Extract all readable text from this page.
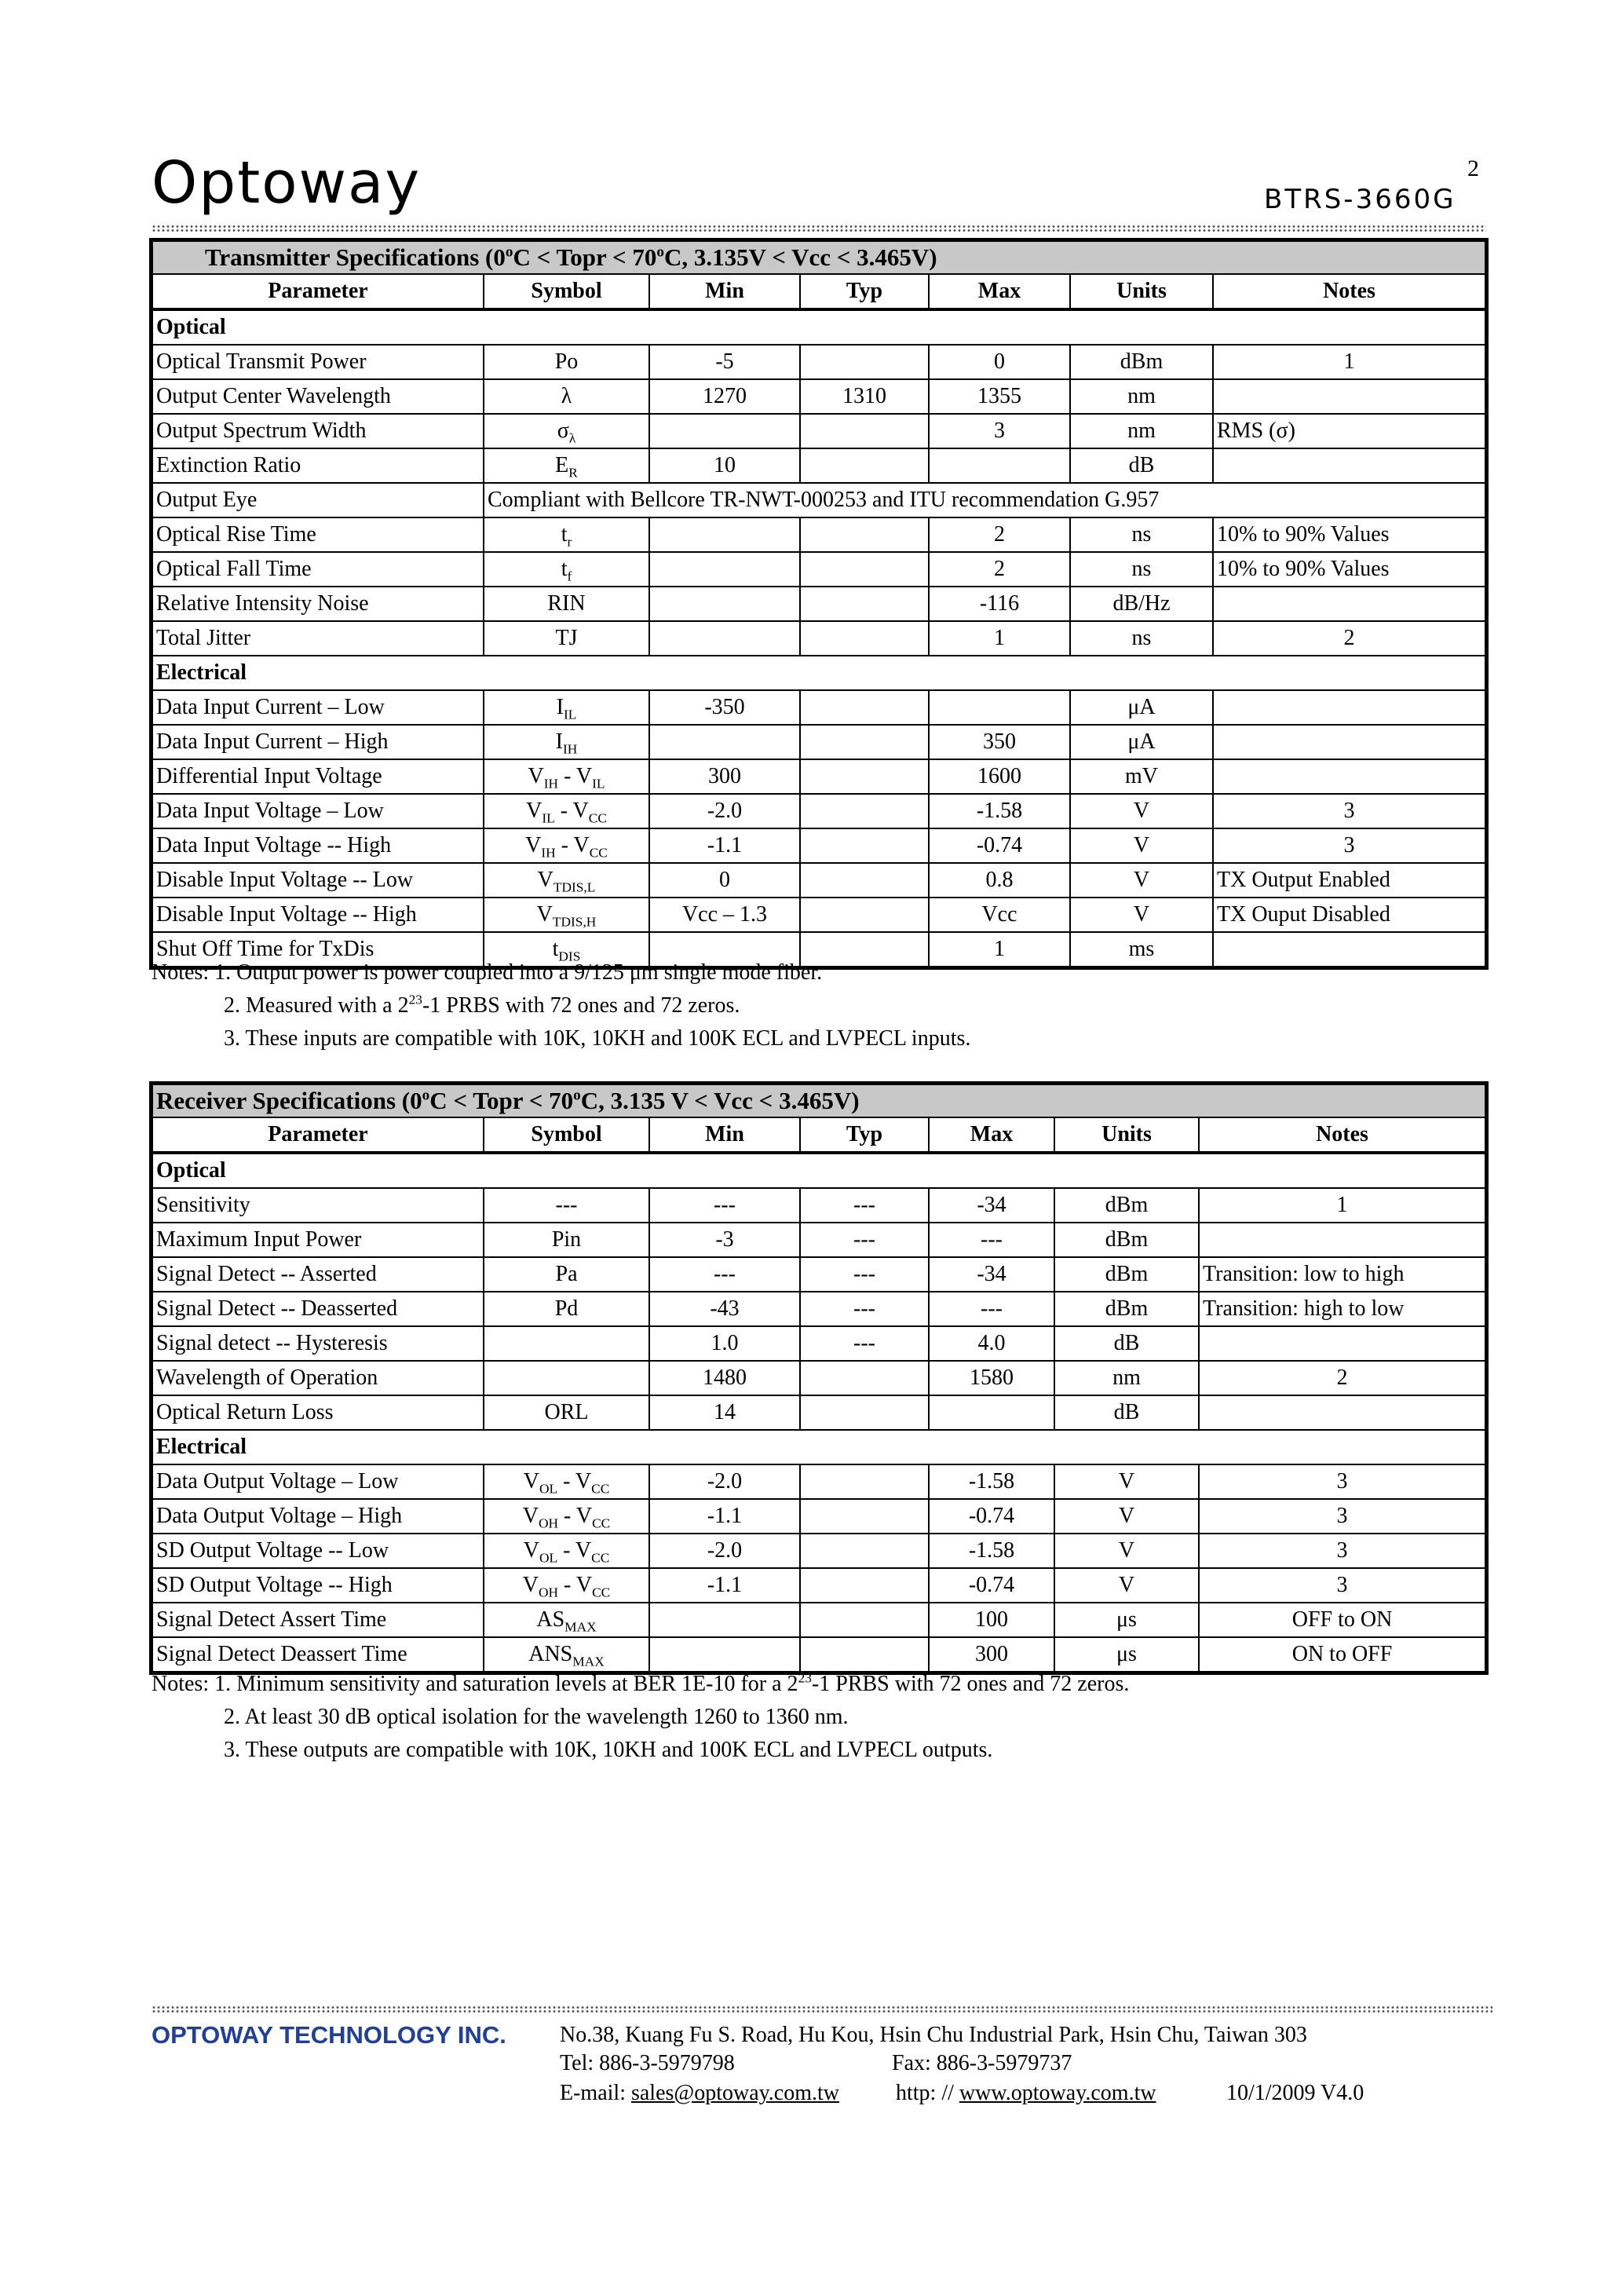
Optoway	2
BTRS-3660G
Transmitter Specifications ($0^oC$ < Topr < $70^oC$, 3.135V < Vcc < 3.465V)						
Parameter	Symbol	Min	Typ	Max	Units	Notes
Optical						
Optical Transmit Power	Po	-5		0	dBm	1
Output Center Wavelength	λ	1270	1310	1355	nm	
Output Spectrum Width	$\sigma_\lambda$			3	nm	RMS (σ)
Extinction Ratio	$E_R$	10			dB	
Output Eye	Compliant with Bellcore TR-NWT-000253 and ITU recommendation G.957					
Optical Rise Time	$t_r$			2	ns	10% to 90% Values
Optical Fall Time	$t_f$			2	ns	10% to 90% Values
Relative Intensity Noise	RIN			-116	dB/Hz	
Total Jitter	TJ			1	ns	2
Electrical						
Data Input Current – Low	$I_{IL}$	-350			μA	
Data Input Current – High	$I_{IH}$			350	μA	
Differential Input Voltage	$V_{IH} - V_{IL}$	300		1600	mV	
Data Input Voltage – Low	$V_{IL} - V_{CC}$	-2.0		-1.58	V	3
Data Input Voltage -- High	$V_{IH} - V_{CC}$	-1.1		-0.74	V	3
Disable Input Voltage -- Low	$V_{TDIS,L}$	0		0.8	V	TX Output Enabled
Disable Input Voltage -- High	$V_{TDIS,H}$	Vcc – 1.3		Vcc	V	TX Ouput Disabled
Shut Off Time for TxDis	$t_{DIS}$			1	ms	
Notes: 1. Output power is power coupled into a 9/125 μm single mode fiber.
2. Measured with a $2^{23}-1$ PRBS with 72 ones and 72 zeros.
3. These inputs are compatible with 10K, 10KH and 100K ECL and LVPECL inputs.
Receiver Specifications ($0^oC$ < Topr < $70^oC$, 3.135 V < Vcc < 3.465V)						
Parameter	Symbol	Min	Typ	Max	Units	Notes
Optical						
Sensitivity	---	---	---	-34	dBm	1
Maximum Input Power	Pin	-3	---	---	dBm	
Signal Detect -- Asserted	Pa	---	---	-34	dBm	Transition: low to high
Signal Detect -- Deasserted	Pd	-43	---	---	dBm	Transition: high to low
Signal detect -- Hysteresis		1.0	---	4.0	dB	
Wavelength of Operation		1480		1580	nm	2
Optical Return Loss	ORL	14			dB	
Electrical						
Data Output Voltage – Low	$V_{OL} - V_{CC}$	-2.0		-1.58	V	3
Data Output Voltage – High	$V_{OH} - V_{CC}$	-1.1		-0.74	V	3
SD Output Voltage -- Low	$V_{OL} - V_{CC}$	-2.0		-1.58	V	3
SD Output Voltage -- High	$V_{OH} - V_{CC}$	-1.1		-0.74	V	3
Signal Detect Assert Time	$AS_{MAX}$			100	μs	OFF to ON
Signal Detect Deassert Time	$ANS_{MAX}$			300	μs	ON to OFF
Notes: 1. Minimum sensitivity and saturation levels at BER 1E-10 for a $2^{23}-1$ PRBS with 72 ones and 72 zeros.
2. At least 30 dB optical isolation for the wavelength 1260 to 1360 nm.
3. These outputs are compatible with 10K, 10KH and 100K ECL and LVPECL outputs.
OPTOWAY TECHNOLOGY INC. No.38, Kuang Fu S. Road, Hu Kou, Hsin Chu Industrial Park, Hsin Chu, Taiwan 303
Tel: 886-3-5979798	Fax: 886-3-5979737
E-mail: sales@optoway.com.tw	http: // www.optoway.com.tw	10/1/2009 V4.0
